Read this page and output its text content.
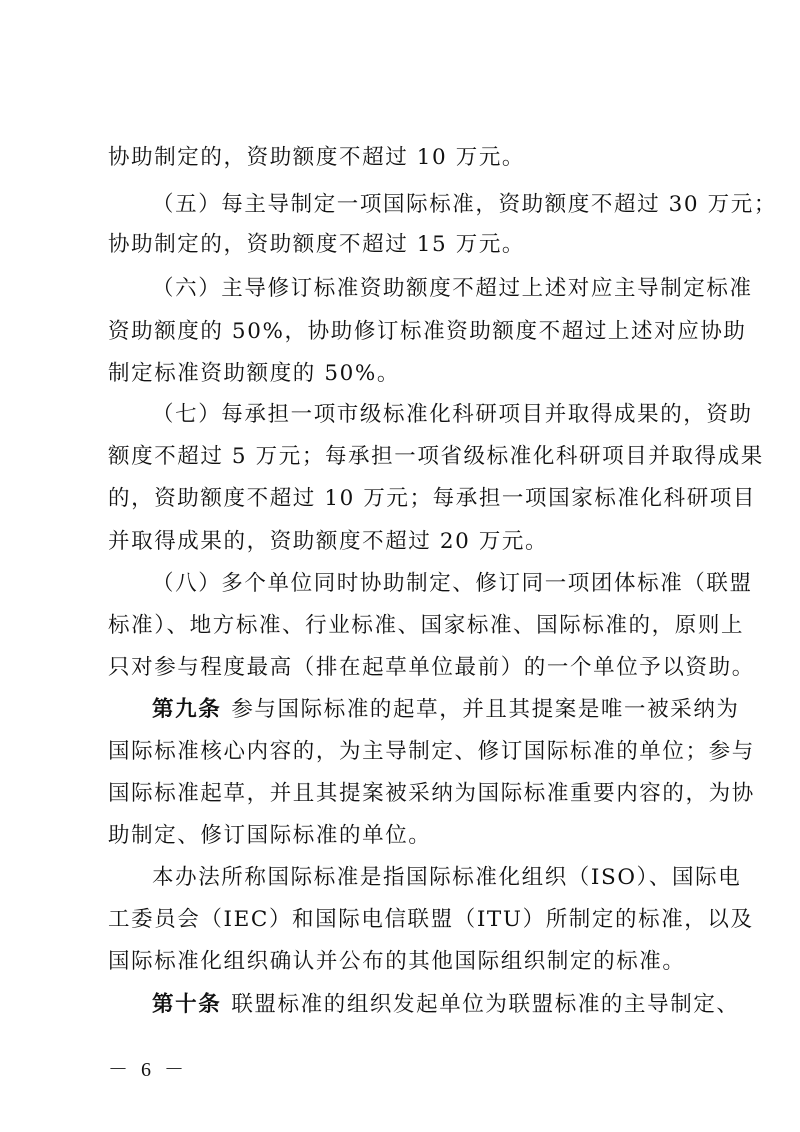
协助制定的，资助额度不超过 10 万元。
（五）每主导制定一项国际标准，资助额度不超过 30 万元；
协助制定的，资助额度不超过 15 万元。
（六）主导修订标准资助额度不超过上述对应主导制定标准
资助额度的 50%，协助修订标准资助额度不超过上述对应协助
制定标准资助额度的 50%。
（七）每承担一项市级标准化科研项目并取得成果的，资助
额度不超过 5 万元；每承担一项省级标准化科研项目并取得成果
的，资助额度不超过 10 万元；每承担一项国家标准化科研项目
并取得成果的，资助额度不超过 20 万元。
（八）多个单位同时协助制定、修订同一项团体标准（联盟
标准）、地方标准、行业标准、国家标准、国际标准的，原则上
只对参与程度最高（排在起草单位最前）的一个单位予以资助。
第九条 参与国际标准的起草，并且其提案是唯一被采纳为
国际标准核心内容的，为主导制定、修订国际标准的单位；参与
国际标准起草，并且其提案被采纳为国际标准重要内容的，为协
助制定、修订国际标准的单位。
本办法所称国际标准是指国际标准化组织（ISO）、国际电
工委员会（IEC）和国际电信联盟（ITU）所制定的标准，以及
国际标准化组织确认并公布的其他国际组织制定的标准。
第十条 联盟标准的组织发起单位为联盟标准的主导制定、
－ 6 －
